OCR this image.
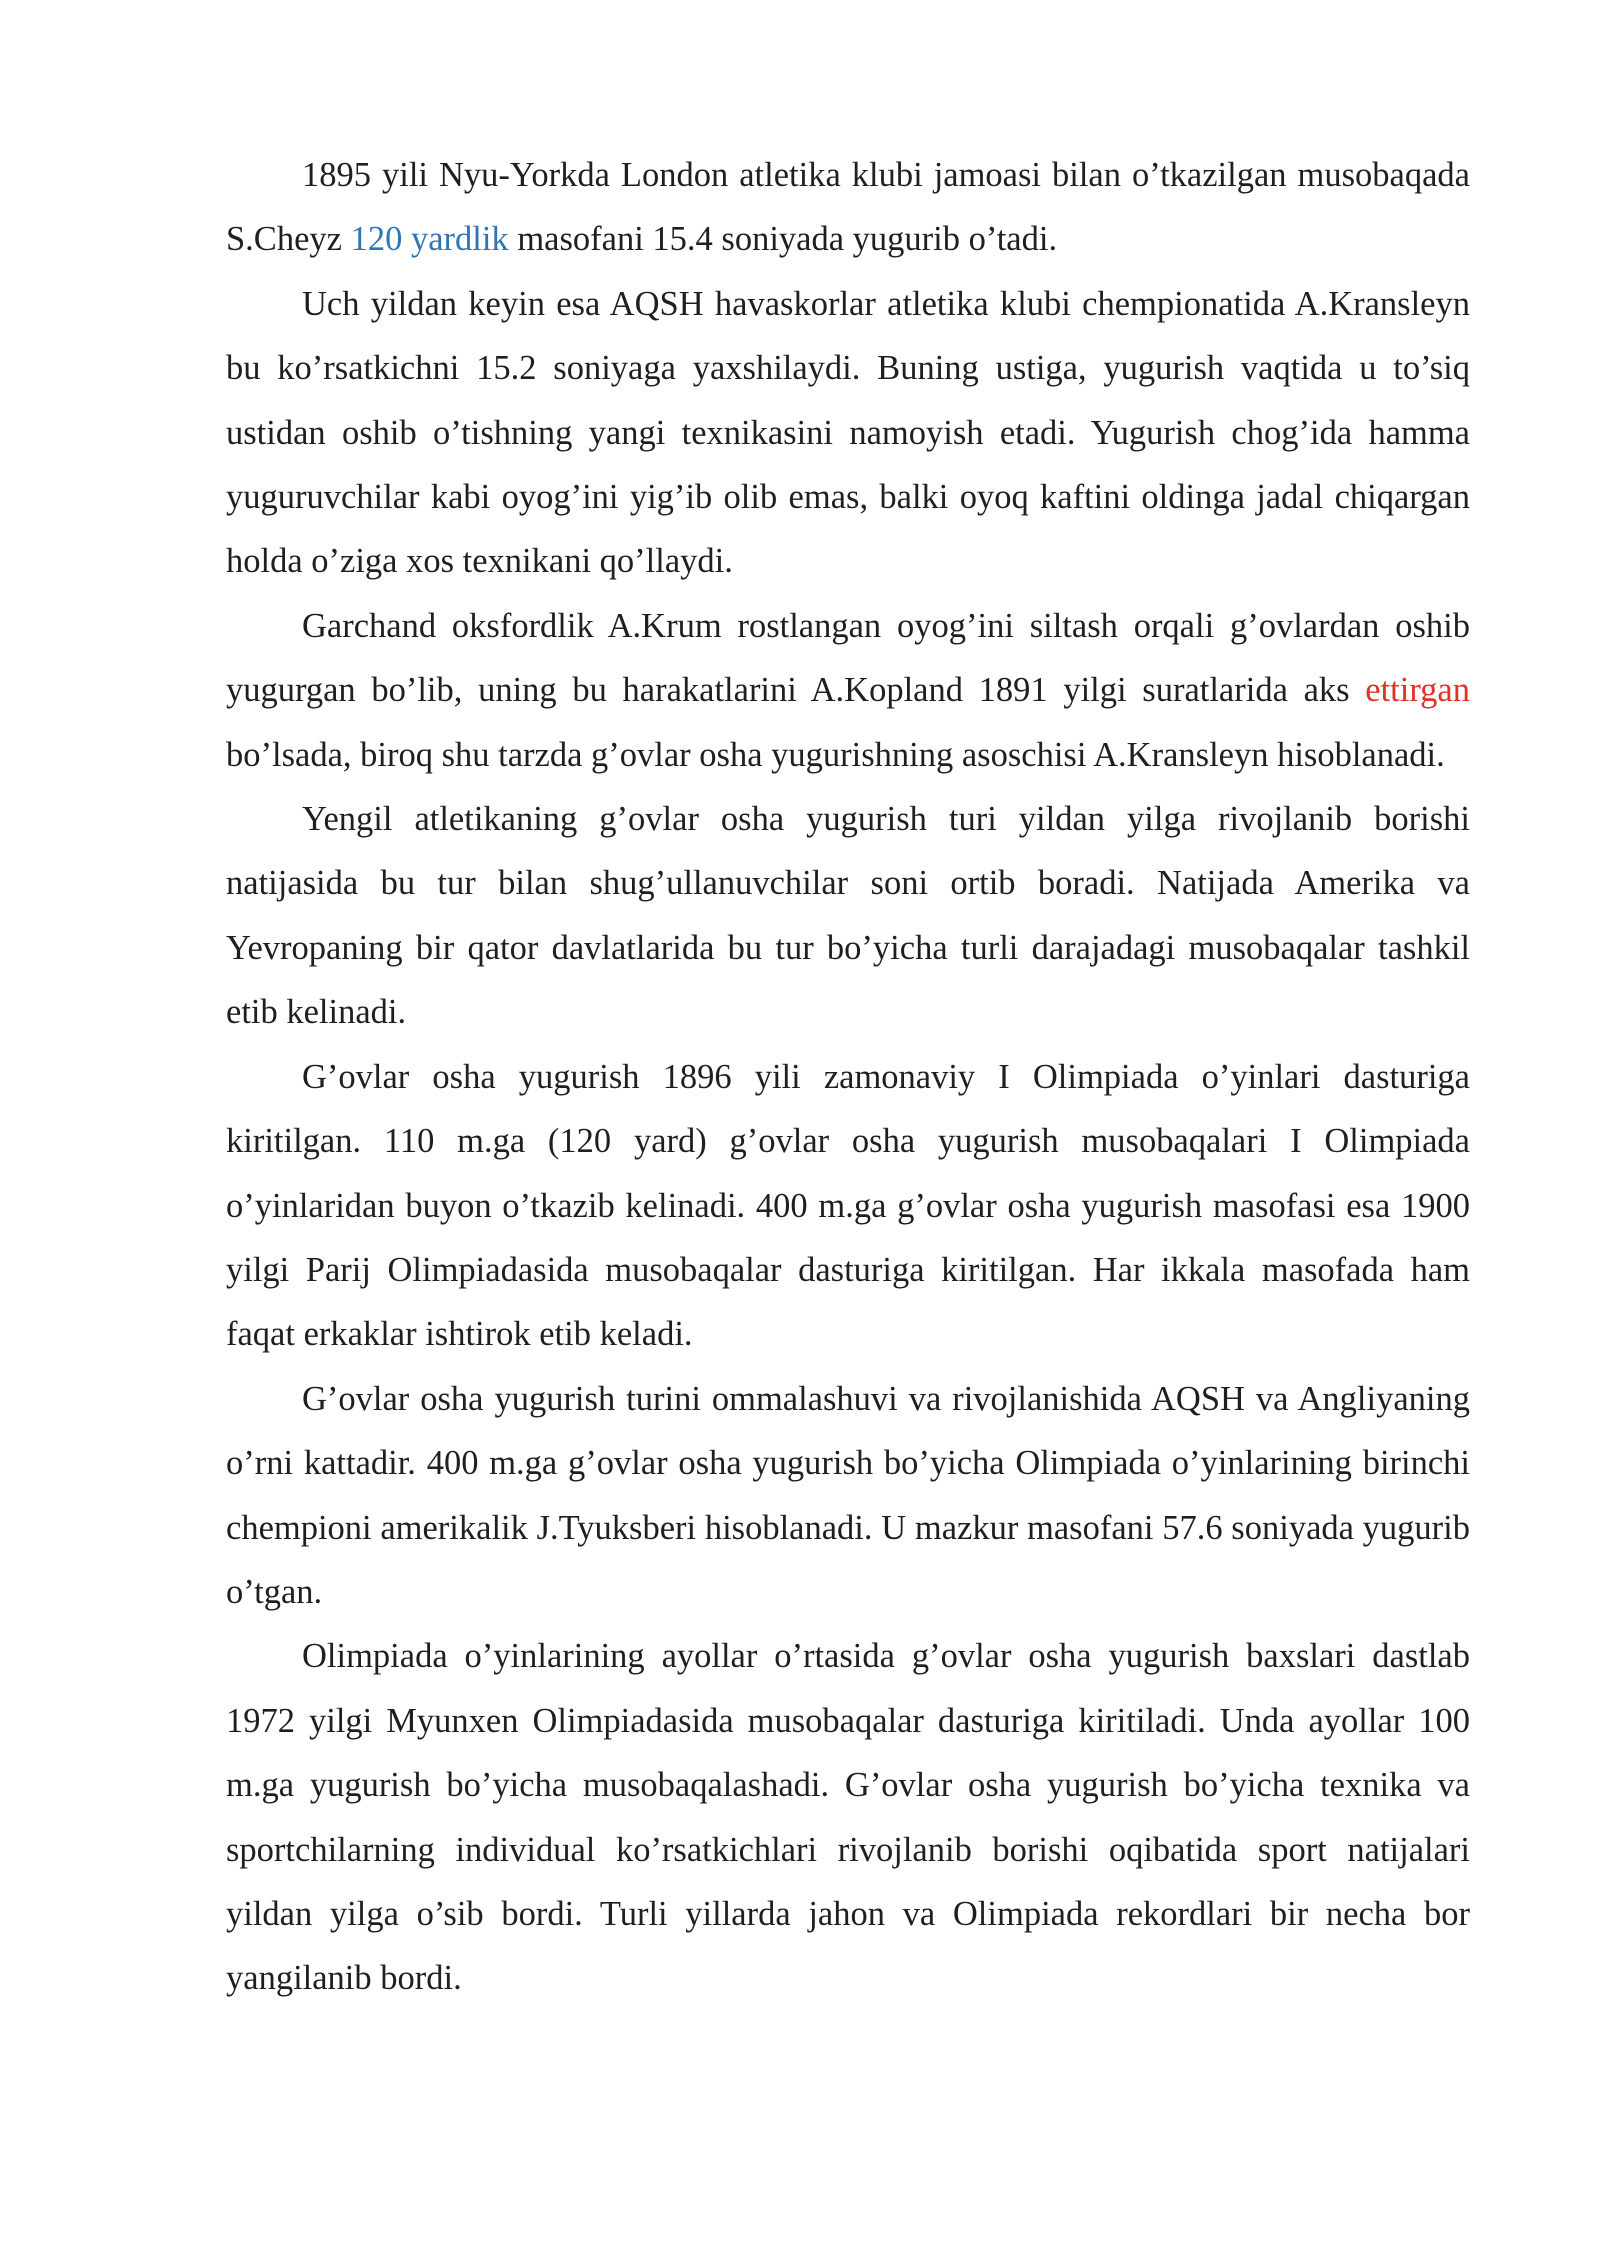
1895 yili Nyu-Yorkda London atletika klubi jamoasi bilan o’tkazilgan musobaqada S.Cheyz 120 yardlik masofani 15.4 soniyada yugurib o’tadi.

Uch yildan keyin esa AQSH havaskorlar atletika klubi chempionatida A.Kransleyn bu ko’rsatkichni 15.2 soniyaga yaxshilaydi. Buning ustiga, yugurish vaqtida u to’siq ustidan oshib o’tishning yangi texnikasini namoyish etadi. Yugurish chog’ida hamma yuguruvchilar kabi oyog’ini yig’ib olib emas, balki oyoq kaftini oldinga jadal chiqargan holda o’ziga xos texnikani qo’llaydi.

Garchand oksfordlik A.Krum rostlangan oyog’ini siltash orqali g’ovlardan oshib yugurgan bo’lib, uning bu harakatlarini A.Kopland 1891 yilgi suratlarida aks ettirgan bo’lsada, biroq shu tarzda g’ovlar osha yugurishning asoschisi A.Kransleyn hisoblanadi.

Yengil atletikaning g’ovlar osha yugurish turi yildan yilga rivojlanib borishi natijasida bu tur bilan shug’ullanuvchilar soni ortib boradi. Natijada Amerika va Yevropaning bir qator davlatlarida bu tur bo’yicha turli darajadagi musobaqalar tashkil etib kelinadi.

G’ovlar osha yugurish 1896 yili zamonaviy I Olimpiada o’yinlari dasturiga kiritilgan. 110 m.ga (120 yard) g’ovlar osha yugurish musobaqalari I Olimpiada o’yinlaridan buyon o’tkazib kelinadi. 400 m.ga g’ovlar osha yugurish masofasi esa 1900 yilgi Parij Olimpiadasida musobaqalar dasturiga kiritilgan. Har ikkala masofada ham faqat erkaklar ishtirok etib keladi.

G’ovlar osha yugurish turini ommalashuvi va rivojlanishida AQSH va Angliyaning o’rni kattadir. 400 m.ga g’ovlar osha yugurish bo’yicha Olimpiada o’yinlarining birinchi chempioni amerikalik J.Tyuksberi hisoblanadi. U mazkur masofani 57.6 soniyada yugurib o’tgan.

Olimpiada o’yinlarining ayollar o’rtasida g’ovlar osha yugurish baxslari dastlab 1972 yilgi Myunxen Olimpiadasida musobaqalar dasturiga kiritiladi. Unda ayollar 100 m.ga yugurish bo’yicha musobaqalashadi. G’ovlar osha yugurish bo’yicha texnika va sportchilarning individual ko’rsatkichlari rivojlanib borishi oqibatida sport natijalari yildan yilga o’sib bordi. Turli yillarda jahon va Olimpiada rekordlari bir necha bor yangilanib bordi.
